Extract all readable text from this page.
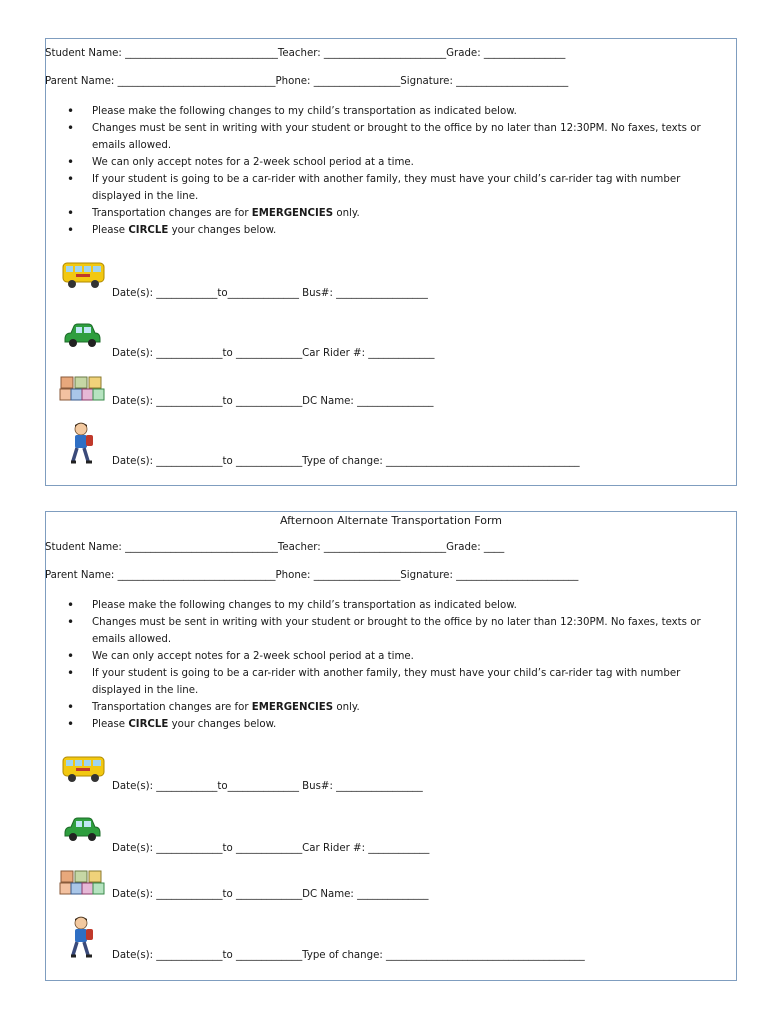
Student Name: ______________________________Teacher: ________________________Grade: ________________
Parent Name: _______________________________Phone: _________________Signature: ______________________
• Please make the following changes to my child’s transportation as indicated below.
• Changes must be sent in writing with your student or brought to the office by no later than 12:30PM. No faxes, texts or emails allowed.
• We can only accept notes for a 2-week school period at a time.
• If your student is going to be a car-rider with another family, they must have your child’s car-rider tag with number displayed in the line.
• Transportation changes are for EMERGENCIES only.
• Please CIRCLE your changes below.
Date(s): ____________to______________ Bus#: __________________
Date(s): _____________to _____________Car Rider #: _____________
Date(s): _____________to _____________DC Name: _______________
Date(s): _____________to _____________Type of change: ______________________________________
Afternoon Alternate Transportation Form
Student Name: ______________________________Teacher: ________________________Grade: ____
Parent Name: _______________________________Phone: _________________Signature: ________________________
• Please make the following changes to my child’s transportation as indicated below.
• Changes must be sent in writing with your student or brought to the office by no later than 12:30PM. No faxes, texts or emails allowed.
• We can only accept notes for a 2-week school period at a time.
• If your student is going to be a car-rider with another family, they must have your child’s car-rider tag with number displayed in the line.
• Transportation changes are for EMERGENCIES only.
• Please CIRCLE your changes below.
Date(s): ____________to______________ Bus#: _________________
Date(s): _____________to _____________Car Rider #: ____________
Date(s): _____________to _____________DC Name: ______________
Date(s): _____________to _____________Type of change: _______________________________________
